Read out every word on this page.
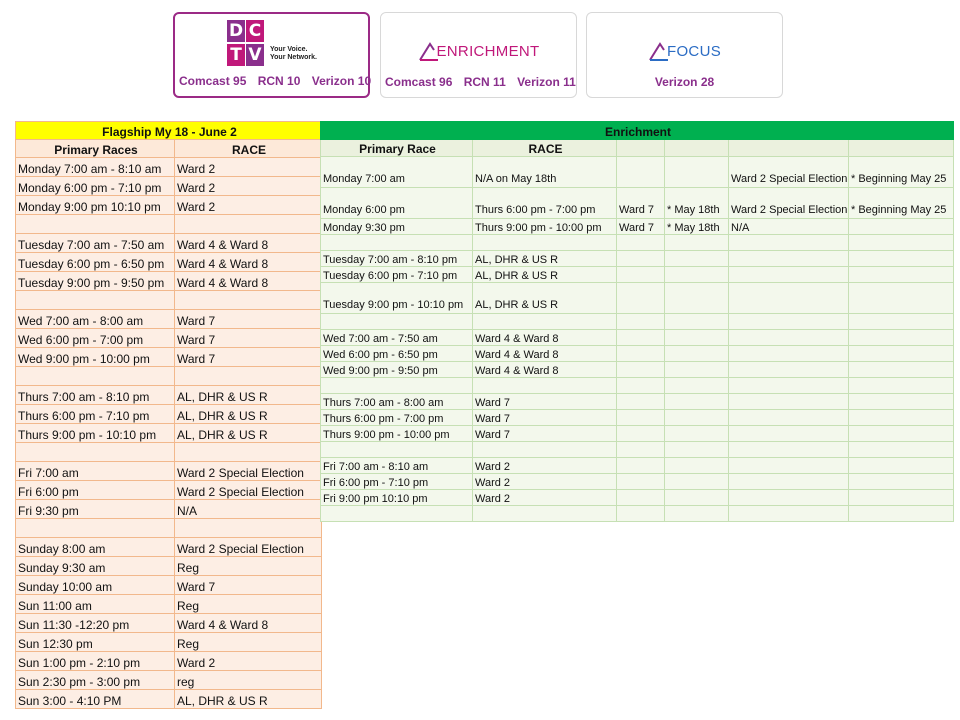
D C
T V	Your Voice.
Your Network.
Comcast 95 RCN 10 Verizon 10
ENRICHMENT
Comcast 96 RCN 11 Verizon 11
FOCUS
Verizon 28
Flagship My 18 - June 2	
Primary Races	RACE
Monday 7:00 am - 8:10 am	Ward 2
Monday 6:00 pm - 7:10 pm	Ward 2
Monday 9:00 pm 10:10 pm	Ward 2

Tuesday 7:00 am - 7:50 am	Ward 4 & Ward 8
Tuesday 6:00 pm - 6:50 pm	Ward 4 & Ward 8
Tuesday 9:00 pm - 9:50 pm	Ward 4 & Ward 8

Wed 7:00 am - 8:00 am	Ward 7
Wed 6:00 pm - 7:00 pm	Ward 7
Wed 9:00 pm - 10:00 pm	Ward 7

Thurs 7:00 am - 8:10 pm	AL, DHR & US R
Thurs 6:00 pm - 7:10 pm	AL, DHR & US R
Thurs 9:00 pm - 10:10 pm	AL, DHR & US R

Fri 7:00 am	Ward 2 Special Election
Fri 6:00 pm	Ward 2 Special Election
Fri 9:30 pm	N/A

Sunday 8:00 am	Ward 2 Special Election
Sunday 9:30 am	Reg
Sunday 10:00 am	Ward 7
Sun 11:00 am	Reg
Sun 11:30 -12:20 pm	Ward 4 & Ward 8
Sun 12:30 pm	Reg
Sun 1:00 pm - 2:10 pm	Ward 2
Sun 2:30 pm - 3:00 pm	reg
Sun 3:00 - 4:10 PM	AL, DHR & US R
Enrichment					
Primary Race	RACE				
Monday 7:00 am	N/A on May 18th			Ward 2 Special Election	* Beginning May 25
Monday 6:00 pm	Thurs 6:00 pm - 7:00 pm	Ward 7	* May 18th	Ward 2 Special Election	* Beginning May 25
Monday 9:30 pm	Thurs 9:00 pm - 10:00 pm	Ward 7	* May 18th	N/A	

Tuesday 7:00 am - 8:10 pm	AL, DHR & US R				
Tuesday 6:00 pm - 7:10 pm	AL, DHR & US R				
Tuesday 9:00 pm - 10:10 pm	AL, DHR & US R				

Wed 7:00 am - 7:50 am	Ward 4 & Ward 8				
Wed 6:00 pm - 6:50 pm	Ward 4 & Ward 8				
Wed 9:00 pm - 9:50 pm	Ward 4 & Ward 8				

Thurs 7:00 am - 8:00 am	Ward 7				
Thurs 6:00 pm - 7:00 pm	Ward 7				
Thurs 9:00 pm - 10:00 pm	Ward 7				

Fri 7:00 am - 8:10 am	Ward 2				
Fri 6:00 pm - 7:10 pm	Ward 2				
Fri 9:00 pm 10:10 pm	Ward 2				
